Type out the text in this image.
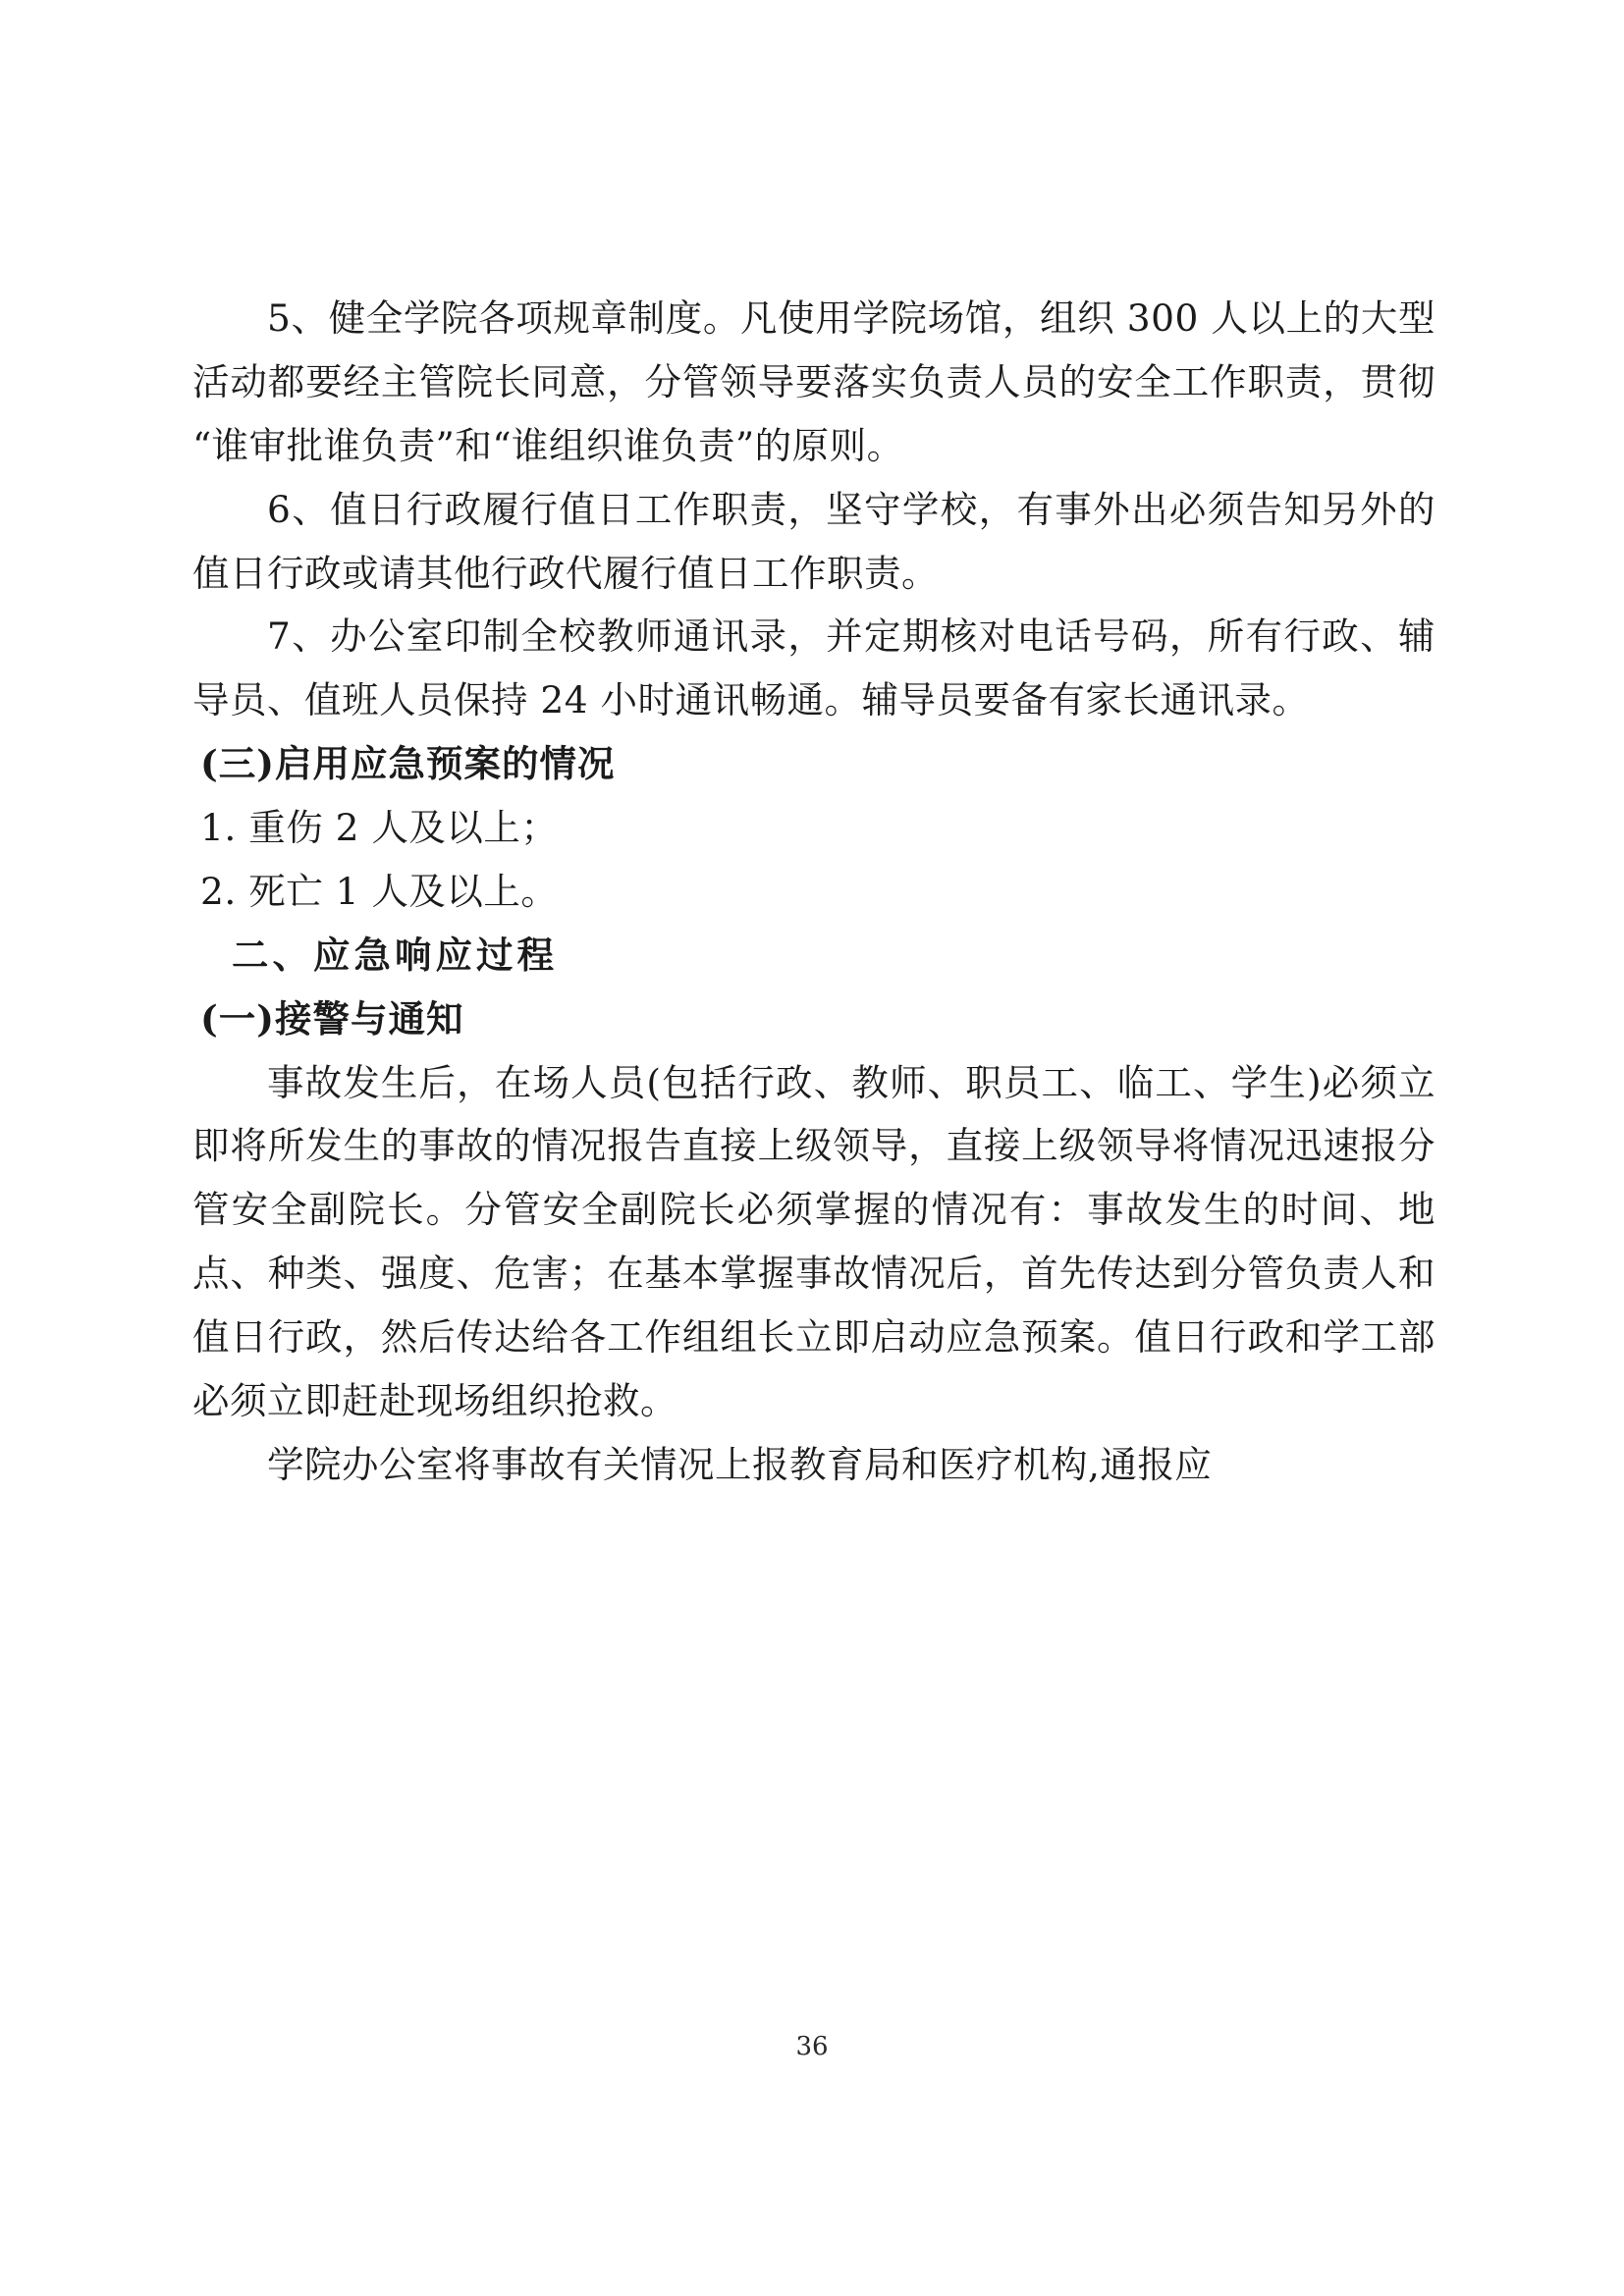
5、健全学院各项规章制度。凡使用学院场馆，组织 300 人以上的大型活动都要经主管院长同意，分管领导要落实负责人员的安全工作职责，贯彻“谁审批谁负责”和“谁组织谁负责”的原则。

6、值日行政履行值日工作职责，坚守学校，有事外出必须告知另外的值日行政或请其他行政代履行值日工作职责。

7、办公室印制全校教师通讯录，并定期核对电话号码，所有行政、辅导员、值班人员保持 24 小时通讯畅通。辅导员要备有家长通讯录。

(三)启用应急预案的情况

1. 重伤 2 人及以上；

2. 死亡 1 人及以上。

二、应急响应过程

(一)接警与通知

事故发生后，在场人员(包括行政、教师、职员工、临工、学生)必须立即将所发生的事故的情况报告直接上级领导，直接上级领导将情况迅速报分管安全副院长。分管安全副院长必须掌握的情况有：事故发生的时间、地点、种类、强度、危害；在基本掌握事故情况后，首先传达到分管负责人和值日行政，然后传达给各工作组组长立即启动应急预案。值日行政和学工部必须立即赶赴现场组织抢救。

学院办公室将事故有关情况上报教育局和医疗机构,通报应

36
